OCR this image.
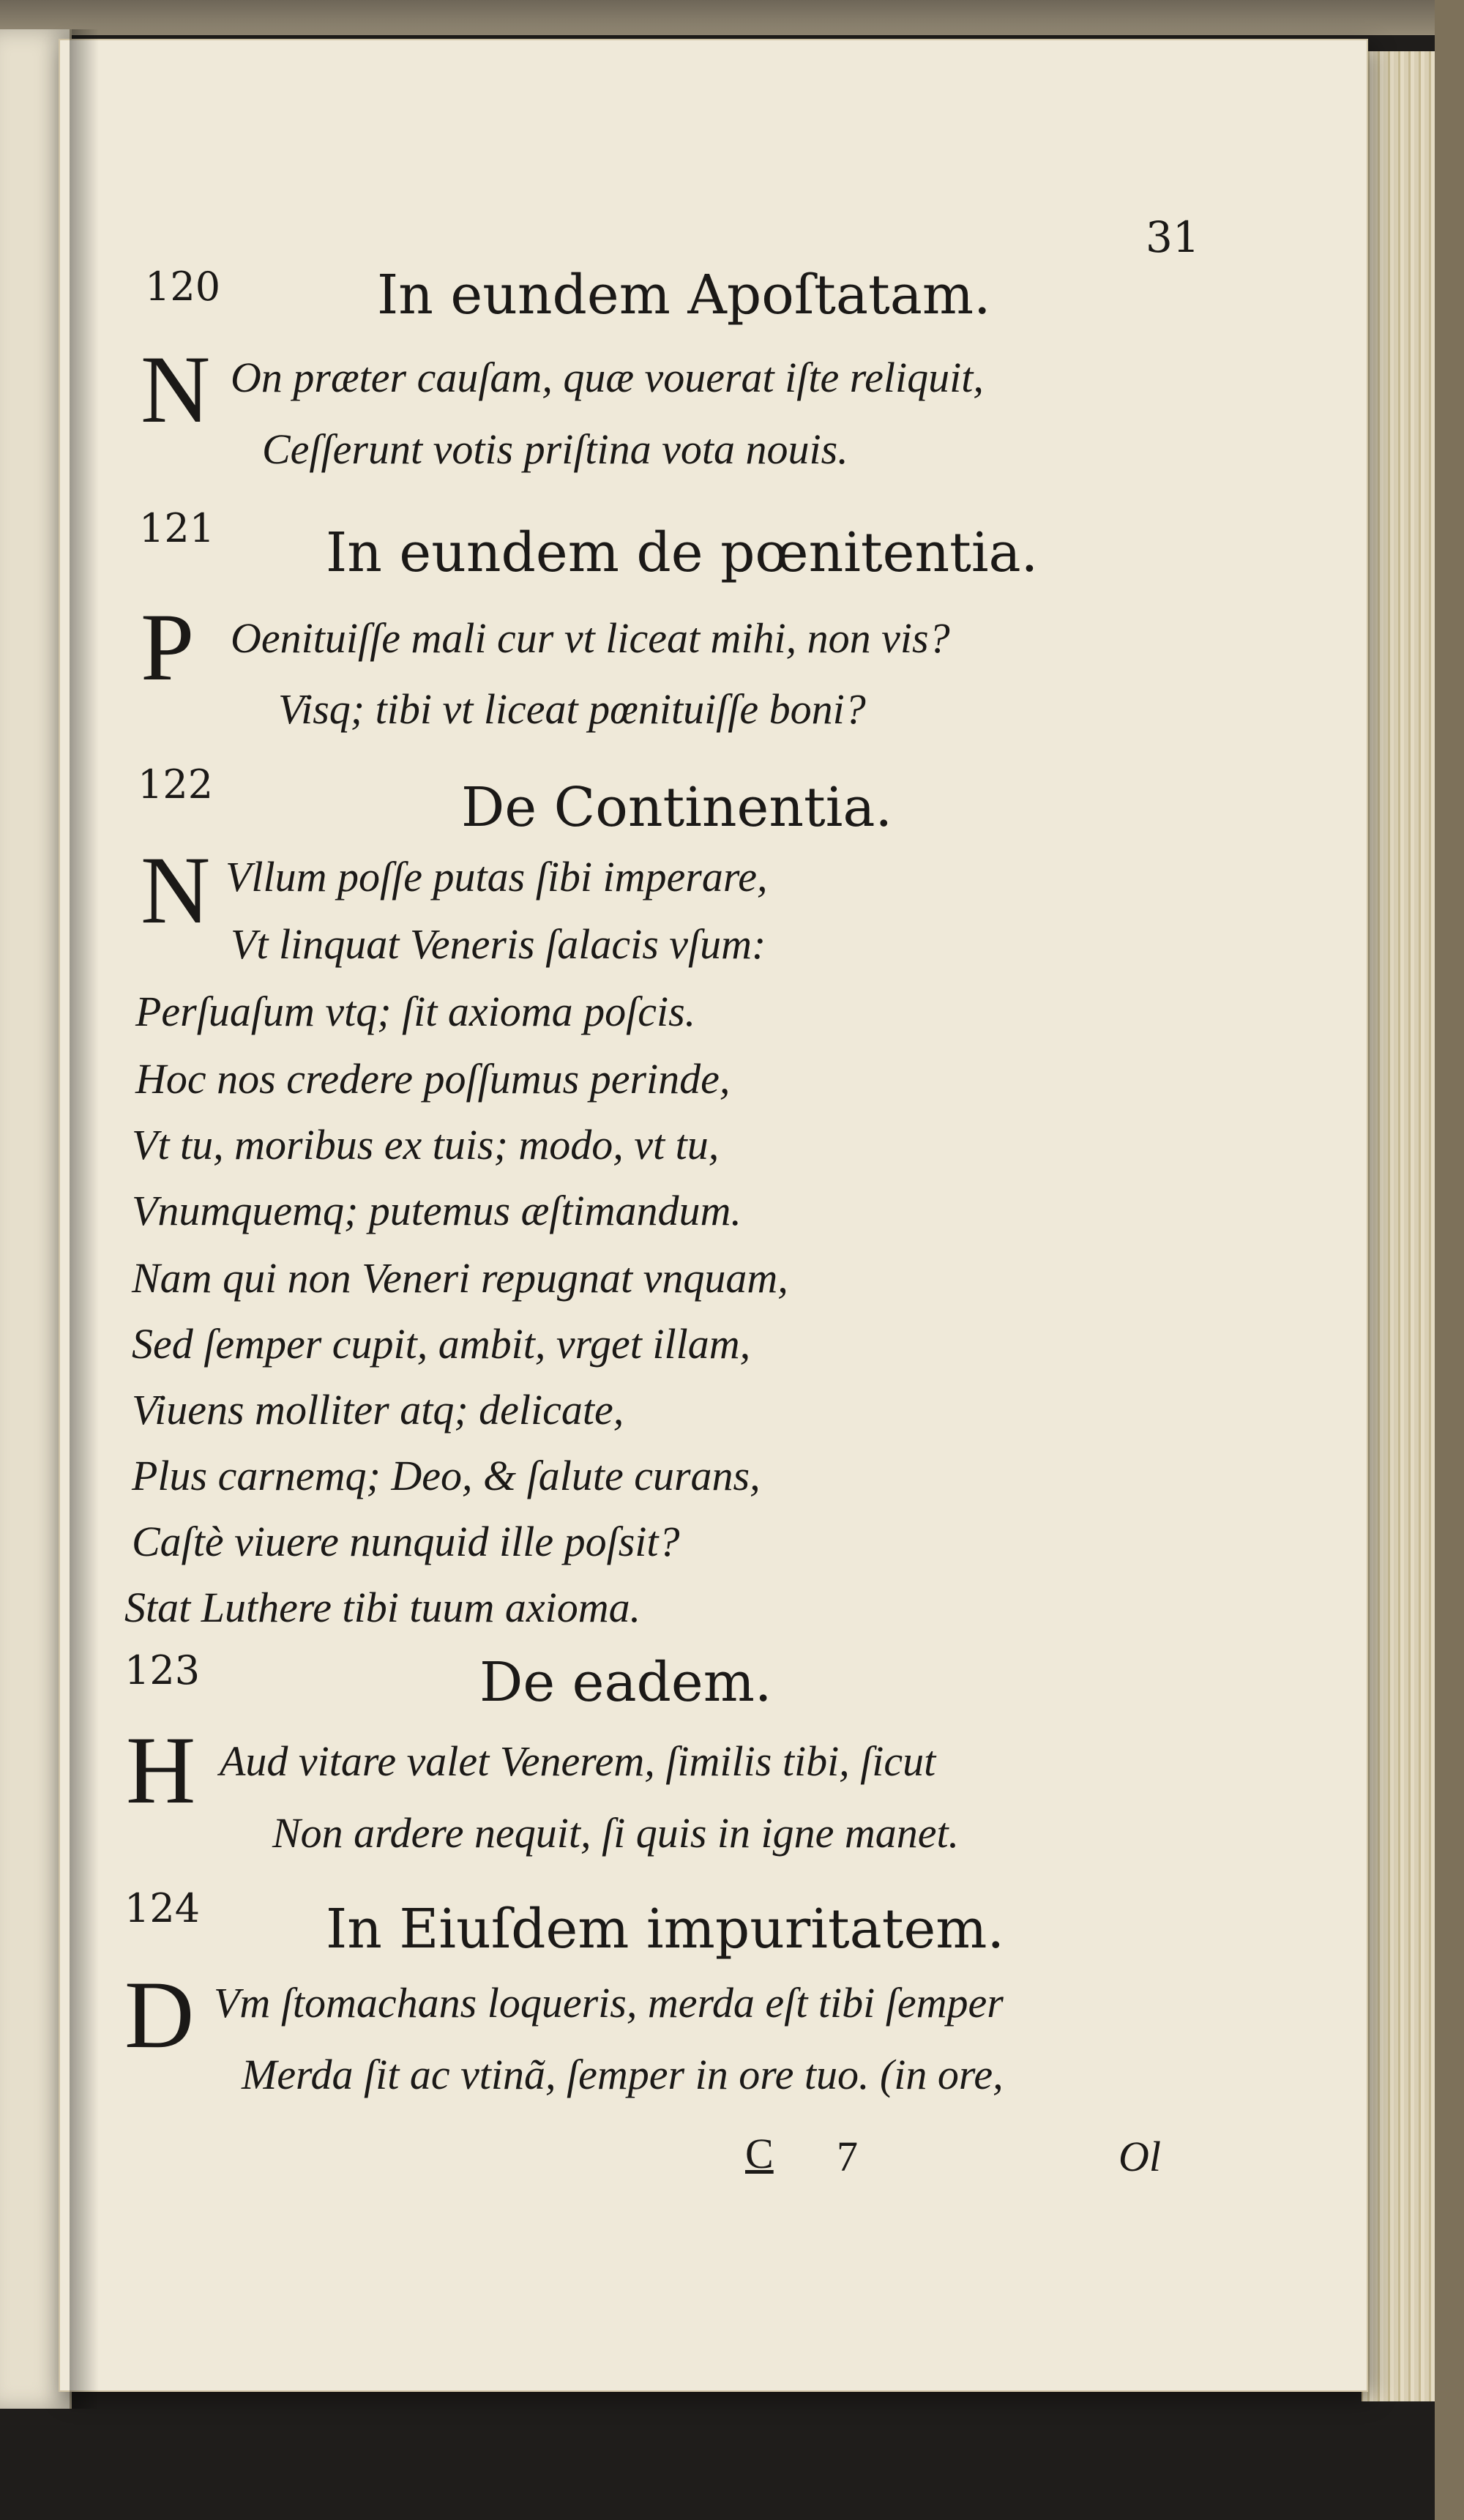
31
120	In eundem Apoſtatam.
N On præter cauſam, quæ vouerat iſte reliquit,
Ceſſerunt votis priſtina vota nouis.
121 In eundem de pœnitentia.
P Oenituiſſe mali cur vt liceat mihi, non vis?
Visq; tibi vt liceat pœnituiſſe boni?
122	De Continentia.
N Vllum poſſe putas ſibi imperare,
Vt linquat Veneris ſalacis vſum:
Perſuaſum vtq; ſit axioma poſcis.
Hoc nos credere poſſumus perinde,
Vt tu, moribus ex tuis; modo, vt tu,
Vnumquemq; putemus æſtimandum.
Nam qui non Veneri repugnat vnquam,
Sed ſemper cupit, ambit, vrget illam,
Viuens molliter atq; delicate,
Plus carnemq; Deo, & ſalute curans,
Caſtè viuere nunquid ille poſsit?
Stat Luthere tibi tuum axioma.
123	De eadem.
H Aud vitare valet Venerem, ſimilis tibi, ſicut
Non ardere nequit, ſi quis in igne manet.
124 In Eiuſdem impuritatem.
D Vm ſtomachans loqueris, merda eſt tibi ſemper
Merda ſit ac vtinã, ſemper in ore tuo. (in ore,
C 7	Ol
